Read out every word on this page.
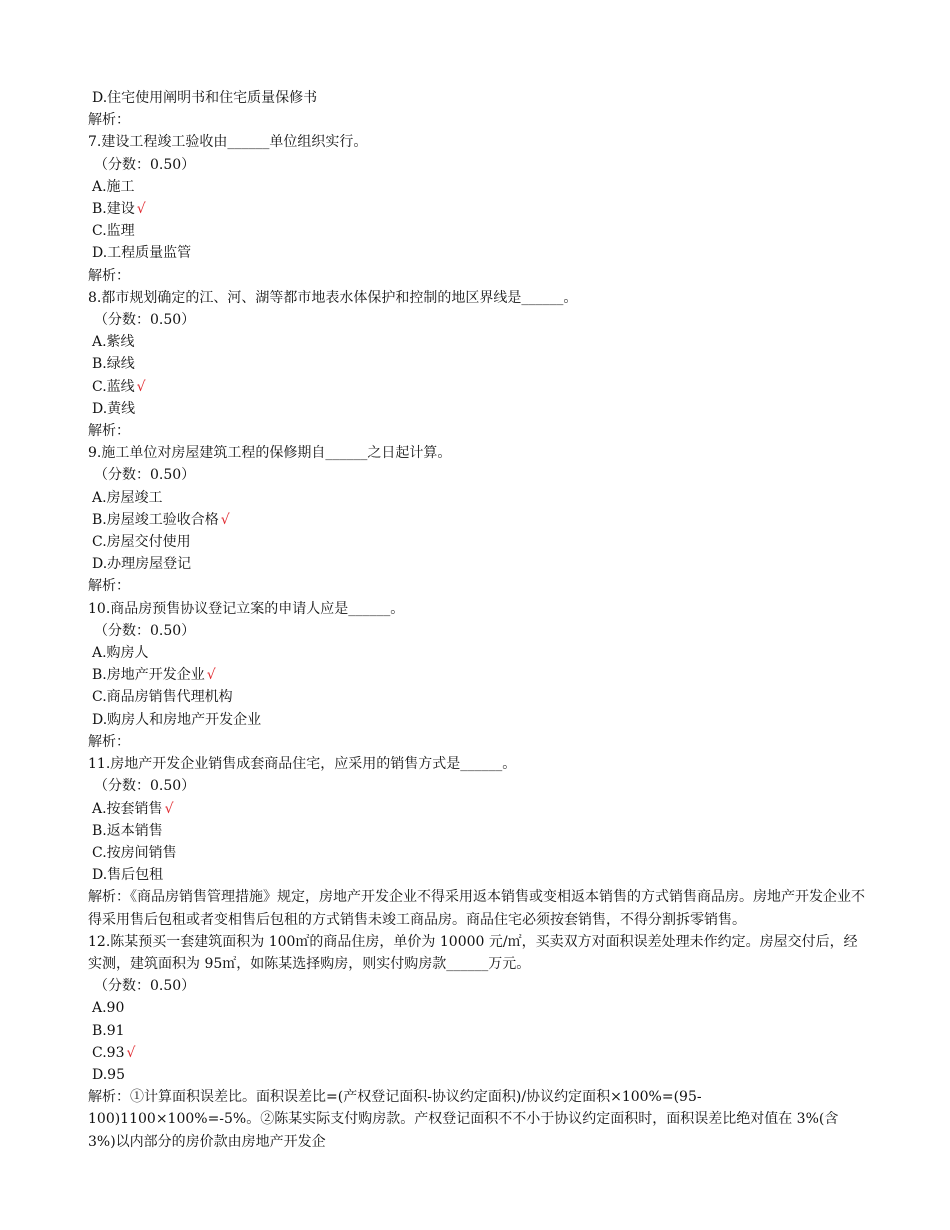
D.住宅使用阐明书和住宅质量保修书
解析：
7.建设工程竣工验收由______单位组织实行。
（分数：0.50）
A.施工
B.建设 √
C.监理
D.工程质量监管
解析：
8.都市规划确定的江、河、湖等都市地表水体保护和控制的地区界线是______。
（分数：0.50）
A.紫线
B.绿线
C.蓝线 √
D.黄线
解析：
9.施工单位对房屋建筑工程的保修期自______之日起计算。
（分数：0.50）
A.房屋竣工
B.房屋竣工验收合格 √
C.房屋交付使用
D.办理房屋登记
解析：
10.商品房预售协议登记立案的申请人应是______。
（分数：0.50）
A.购房人
B.房地产开发企业 √
C.商品房销售代理机构
D.购房人和房地产开发企业
解析：
11.房地产开发企业销售成套商品住宅，应采用的销售方式是______。
（分数：0.50）
A.按套销售 √
B.返本销售
C.按房间销售
D.售后包租
解析：《商品房销售管理措施》规定，房地产开发企业不得采用返本销售或变相返本销售的方式销售商品房。房地产开发企业不得采用售后包租或者变相售后包租的方式销售未竣工商品房。商品住宅必须按套销售，不得分割拆零销售。
12.陈某预买一套建筑面积为 100㎡的商品住房，单价为 10000 元/㎡，买卖双方对面积误差处理未作约定。房屋交付后，经实测，建筑面积为 95㎡，如陈某选择购房，则实付购房款______万元。
（分数：0.50）
A.90
B.91
C.93 √
D.95
解析：①计算面积误差比。面积误差比=(产权登记面积-协议约定面积)/协议约定面积×100%=(95-100)1100×100%=-5%。②陈某实际支付购房款。产权登记面积不不小于协议约定面积时，面积误差比绝对值在 3%(含 3%)以内部分的房价款由房地产开发企
